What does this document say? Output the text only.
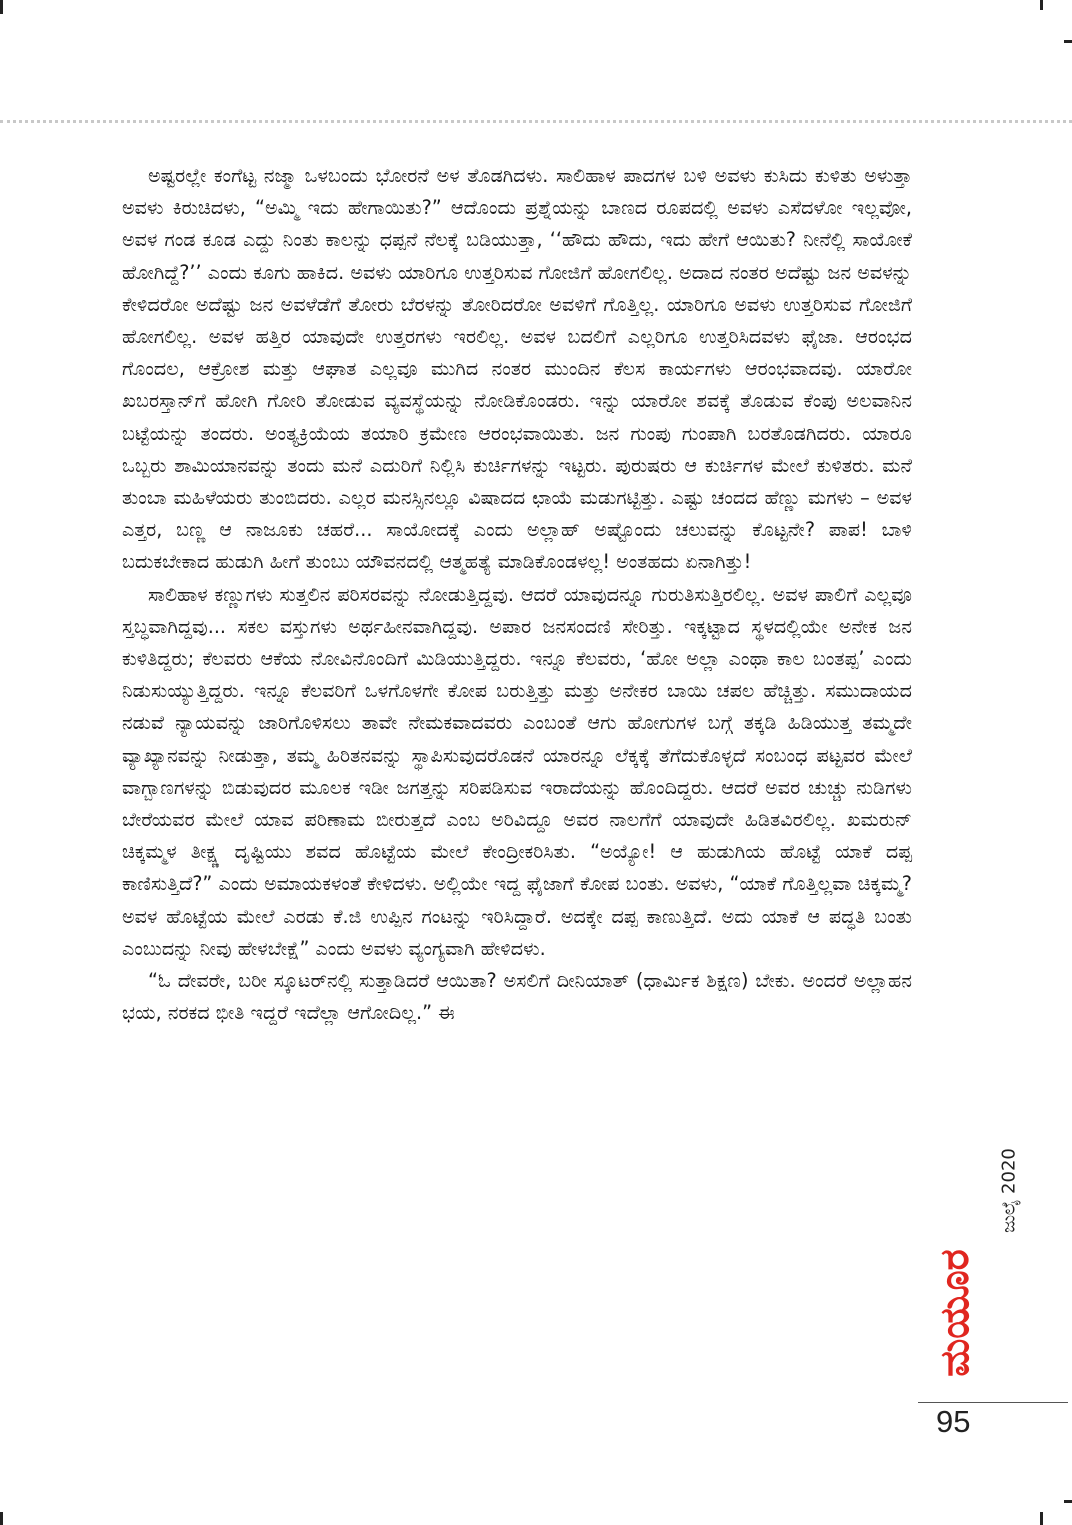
ಅಷ್ಟರಲ್ಲೇ ಕಂಗೆಟ್ಟ ನಜ್ಮಾ ಒಳಬಂದು ಭೋರನೆ ಅಳ ತೊಡಗಿದಳು. ಸಾಲಿಹಾಳ ಪಾದಗಳ ಬಳಿ ಅವಳು ಕುಸಿದು ಕುಳಿತು ಅಳುತ್ತಾ ಅವಳು ಕಿರುಚಿದಳು, “ಅಮ್ಮಿ ಇದು ಹೇಗಾಯಿತು?” ಆದೊಂದು ಪ್ರಶ್ನೆಯನ್ನು ಬಾಣದ ರೂಪದಲ್ಲಿ ಅವಳು ಎಸೆದಳೋ ಇಲ್ಲವೋ, ಅವಳ ಗಂಡ ಕೂಡ ಎದ್ದು ನಿಂತು ಕಾಲನ್ನು ಧಪ್ಪನೆ ನೆಲಕ್ಕೆ ಬಡಿಯುತ್ತಾ, ‘‘ಹೌದು ಹೌದು, ಇದು ಹೇಗೆ ಆಯಿತು? ನೀನೆಲ್ಲಿ ಸಾಯೋಕೆ ಹೋಗಿದ್ದೆ?’’ ಎಂದು ಕೂಗು ಹಾಕಿದ. ಅವಳು ಯಾರಿಗೂ ಉತ್ತರಿಸುವ ಗೋಜಿಗೆ ಹೋಗಲಿಲ್ಲ. ಅದಾದ ನಂತರ ಅದೆಷ್ಟು ಜನ ಅವಳನ್ನು ಕೇಳಿದರೋ ಅದೆಷ್ಟು ಜನ ಅವಳೆಡೆಗೆ ತೋರು ಬೆರಳನ್ನು ತೋರಿದರೋ ಅವಳಿಗೆ ಗೊತ್ತಿಲ್ಲ. ಯಾರಿಗೂ ಅವಳು ಉತ್ತರಿಸುವ ಗೋಜಿಗೆ ಹೋಗಲಿಲ್ಲ. ಅವಳ ಹತ್ತಿರ ಯಾವುದೇ ಉತ್ತರಗಳು ಇರಲಿಲ್ಲ. ಅವಳ ಬದಲಿಗೆ ಎಲ್ಲರಿಗೂ ಉತ್ತರಿಸಿದವಳು ಫೈಜಾ. ಆರಂಭದ ಗೊಂದಲ, ಆಕ್ರೋಶ ಮತ್ತು ಆಘಾತ ಎಲ್ಲವೂ ಮುಗಿದ ನಂತರ ಮುಂದಿನ ಕೆಲಸ ಕಾರ್ಯಗಳು ಆರಂಭವಾದವು. ಯಾರೋ ಖಬರಸ್ತಾನ್‌ಗೆ ಹೋಗಿ ಗೋರಿ ತೋಡುವ ವ್ಯವಸ್ಥೆಯನ್ನು ನೋಡಿಕೊಂಡರು. ಇನ್ನು ಯಾರೋ ಶವಕ್ಕೆ ತೊಡುವ ಕೆಂಪು ಅಲವಾನಿನ ಬಟ್ಟೆಯನ್ನು ತಂದರು. ಅಂತ್ಯಕ್ರಿಯೆಯ ತಯಾರಿ ಕ್ರಮೇಣ ಆರಂಭವಾಯಿತು. ಜನ ಗುಂಪು ಗುಂಪಾಗಿ ಬರತೊಡಗಿದರು. ಯಾರೂ ಒಬ್ಬರು ಶಾಮಿಯಾನವನ್ನು ತಂದು ಮನೆ ಎದುರಿಗೆ ನಿಲ್ಲಿಸಿ ಕುರ್ಚಿಗಳನ್ನು ಇಟ್ಟರು. ಪುರುಷರು ಆ ಕುರ್ಚಿಗಳ ಮೇಲೆ ಕುಳಿತರು. ಮನೆ ತುಂಬಾ ಮಹಿಳೆಯರು ತುಂಬಿದರು. ಎಲ್ಲರ ಮನಸ್ಸಿನಲ್ಲೂ ವಿಷಾದದ ಛಾಯೆ ಮಡುಗಟ್ಟಿತ್ತು. ಎಷ್ಟು ಚಂದದ ಹೆಣ್ಣು ಮಗಳು – ಅವಳ ಎತ್ತರ, ಬಣ್ಣ ಆ ನಾಜೂಕು ಚಹರೆ... ಸಾಯೋದಕ್ಕೆ ಎಂದು ಅಲ್ಲಾಹ್ ಅಷ್ಟೊಂದು ಚಲುವನ್ನು ಕೊಟ್ಟನೇ? ಪಾಪ! ಬಾಳಿ ಬದುಕಬೇಕಾದ ಹುಡುಗಿ ಹೀಗೆ ತುಂಬು ಯೌವನದಲ್ಲಿ ಆತ್ಮಹತ್ಯೆ ಮಾಡಿಕೊಂಡಳಲ್ಲ! ಅಂತಹದು ಏನಾಗಿತ್ತು!

ಸಾಲಿಹಾಳ ಕಣ್ಣುಗಳು ಸುತ್ತಲಿನ ಪರಿಸರವನ್ನು ನೋಡುತ್ತಿದ್ದವು. ಆದರೆ ಯಾವುದನ್ನೂ ಗುರುತಿಸುತ್ತಿರಲಿಲ್ಲ. ಅವಳ ಪಾಲಿಗೆ ಎಲ್ಲವೂ ಸ್ತಬ್ಧವಾಗಿದ್ದವು... ಸಕಲ ವಸ್ತುಗಳು ಅರ್ಥಹೀನವಾಗಿದ್ದವು. ಅಪಾರ ಜನಸಂದಣಿ ಸೇರಿತ್ತು. ಇಕ್ಕಟ್ಟಾದ ಸ್ಥಳದಲ್ಲಿಯೇ ಅನೇಕ ಜನ ಕುಳಿತಿದ್ದರು; ಕೆಲವರು ಆಕೆಯ ನೋವಿನೊಂದಿಗೆ ಮಿಡಿಯುತ್ತಿದ್ದರು. ಇನ್ನೂ ಕೆಲವರು, ‘ಹೋ ಅಲ್ಲಾ ಎಂಥಾ ಕಾಲ ಬಂತಪ್ಪ’ ಎಂದು ನಿಡುಸುಯ್ಯುತ್ತಿದ್ದರು. ಇನ್ನೂ ಕೆಲವರಿಗೆ ಒಳಗೊಳಗೇ ಕೋಪ ಬರುತ್ತಿತ್ತು ಮತ್ತು ಅನೇಕರ ಬಾಯಿ ಚಪಲ ಹೆಚ್ಚಿತ್ತು. ಸಮುದಾಯದ ನಡುವೆ ನ್ಯಾಯವನ್ನು ಜಾರಿಗೊಳಿಸಲು ತಾವೇ ನೇಮಕವಾದವರು ಎಂಬಂತೆ ಆಗು ಹೋಗುಗಳ ಬಗ್ಗೆ ತಕ್ಕಡಿ ಹಿಡಿಯುತ್ತ ತಮ್ಮದೇ ವ್ಯಾಖ್ಯಾನವನ್ನು ನೀಡುತ್ತಾ, ತಮ್ಮ ಹಿರಿತನವನ್ನು ಸ್ಥಾಪಿಸುವುದರೊಡನೆ ಯಾರನ್ನೂ ಲೆಕ್ಕಕ್ಕೆ ತೆಗೆದುಕೊಳ್ಳದೆ ಸಂಬಂಧ ಪಟ್ಟವರ ಮೇಲೆ ವಾಗ್ಬಾಣಗಳನ್ನು ಬಿಡುವುದರ ಮೂಲಕ ಇಡೀ ಜಗತ್ತನ್ನು ಸರಿಪಡಿಸುವ ಇರಾದೆಯನ್ನು ಹೊಂದಿದ್ದರು. ಆದರೆ ಅವರ ಚುಚ್ಚು ನುಡಿಗಳು ಬೇರೆಯವರ ಮೇಲೆ ಯಾವ ಪರಿಣಾಮ ಬೀರುತ್ತದೆ ಎಂಬ ಅರಿವಿದ್ದೂ ಅವರ ನಾಲಗೆಗೆ ಯಾವುದೇ ಹಿಡಿತವಿರಲಿಲ್ಲ. ಖಮರುನ್ ಚಿಕ್ಕಮ್ಮಳ ತೀಕ್ಷ್ಣ ದೃಷ್ಟಿಯು ಶವದ ಹೊಟ್ಟೆಯ ಮೇಲೆ ಕೇಂದ್ರೀಕರಿಸಿತು. “ಅಯ್ಯೋ! ಆ ಹುಡುಗಿಯ ಹೊಟ್ಟೆ ಯಾಕೆ ದಪ್ಪ ಕಾಣಿಸುತ್ತಿದೆ?” ಎಂದು ಅಮಾಯಕಳಂತೆ ಕೇಳಿದಳು. ಅಲ್ಲಿಯೇ ಇದ್ದ ಫೈಜಾಗೆ ಕೋಪ ಬಂತು. ಅವಳು, “ಯಾಕೆ ಗೊತ್ತಿಲ್ಲವಾ ಚಿಕ್ಕಮ್ಮ? ಅವಳ ಹೊಟ್ಟೆಯ ಮೇಲೆ ಎರಡು ಕೆ.ಜಿ ಉಪ್ಪಿನ ಗಂಟನ್ನು ಇರಿಸಿದ್ದಾರೆ. ಅದಕ್ಕೇ ದಪ್ಪ ಕಾಣುತ್ತಿದೆ. ಅದು ಯಾಕೆ ಆ ಪದ್ಧತಿ ಬಂತು ಎಂಬುದನ್ನು ನೀವು ಹೇಳಬೇಕ್ಷೆ” ಎಂದು ಅವಳು ವ್ಯಂಗ್ಯವಾಗಿ ಹೇಳಿದಳು.

“ಓ ದೇವರೇ, ಬರೀ ಸ್ಕೂಟರ್‌ನಲ್ಲಿ ಸುತ್ತಾಡಿದರೆ ಆಯಿತಾ? ಅಸಲಿಗೆ ದೀನಿಯಾತ್ (ಧಾರ್ಮಿಕ ಶಿಕ್ಷಣ) ಬೇಕು. ಅಂದರೆ ಅಲ್ಲಾಹನ ಭಯ, ನರಕದ ಭೀತಿ ಇದ್ದರೆ ಇದೆಲ್ಲಾ ಆಗೋದಿಲ್ಲ.” ಈ

ಜುಲೈ 2020
ಮಯೂರ
95
